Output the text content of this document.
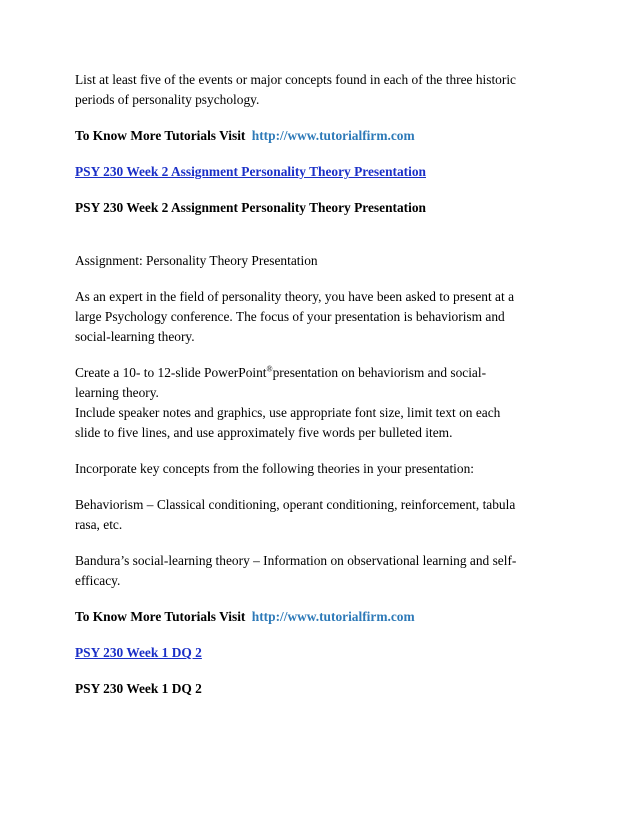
List at least five of the events or major concepts found in each of the three historic
periods of personality psychology.

To Know More Tutorials Visit http://www.tutorialfirm.com

PSY 230 Week 2 Assignment Personality Theory Presentation

PSY 230 Week 2 Assignment Personality Theory Presentation

Assignment: Personality Theory Presentation

As an expert in the field of personality theory, you have been asked to present at a
large Psychology conference. The focus of your presentation is behaviorism and
social-learning theory.

Create a 10- to 12-slide PowerPoint®presentation on behaviorism and social-
learning theory.
Include speaker notes and graphics, use appropriate font size, limit text on each
slide to five lines, and use approximately five words per bulleted item.

Incorporate key concepts from the following theories in your presentation:

Behaviorism – Classical conditioning, operant conditioning, reinforcement, tabula
rasa, etc.

Bandura’s social-learning theory – Information on observational learning and self-
efficacy.

To Know More Tutorials Visit http://www.tutorialfirm.com

PSY 230 Week 1 DQ 2

PSY 230 Week 1 DQ 2
